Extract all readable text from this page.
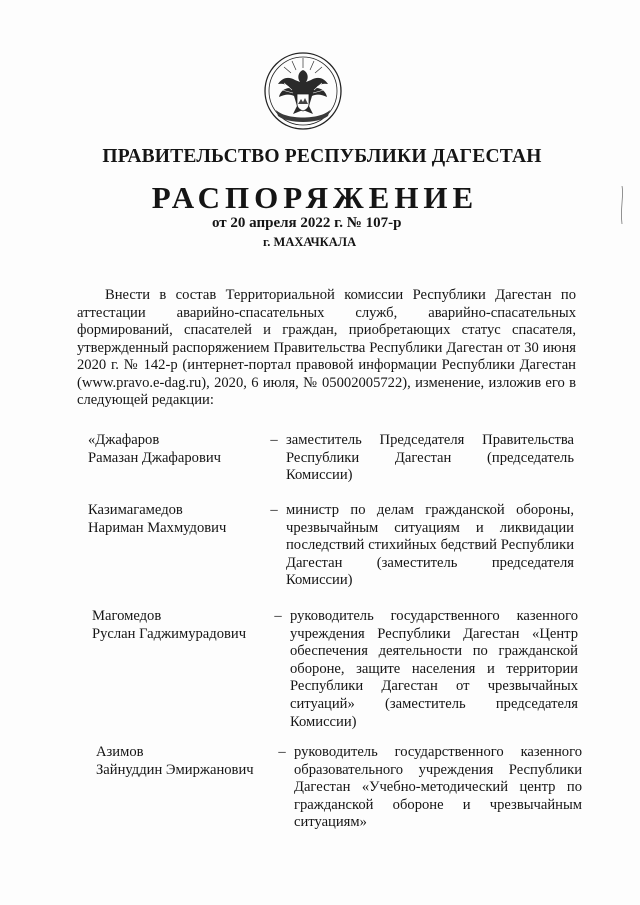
ПРАВИТЕЛЬСТВО РЕСПУБЛИКИ ДАГЕСТАН
РАСПОРЯЖЕНИЕ
от 20 апреля 2022 г. № 107-р
г. МАХАЧКАЛА
Внести в состав Территориальной комиссии Республики Дагестан по аттестации аварийно-спасательных служб, аварийно-спасательных формирований, спасателей и граждан, приобретающих статус спасателя, утвержденный распоряжением Правительства Республики Дагестан от 30 июня 2020 г. № 142-р (интернет-портал правовой информации Республики Дагестан (www.pravo.e-dag.ru), 2020, 6 июля, № 05002005722), изменение, изложив его в следующей редакции:
«Джафаров
Рамазан Джафарович
– заместитель Председателя Правительства Республики Дагестан (председатель Комиссии)
Казимагамедов
Нариман Махмудович
– министр по делам гражданской обороны, чрезвычайным ситуациям и ликвидации последствий стихийных бедствий Республики Дагестан (заместитель председателя Комиссии)
Магомедов
Руслан Гаджимурадович
– руководитель государственного казенного учреждения Республики Дагестан «Центр обеспечения деятельности по гражданской обороне, защите населения и территории Республики Дагестан от чрезвычайных ситуаций» (заместитель председателя Комиссии)
Азимов
Зайнуддин Эмиржанович
– руководитель государственного казенного образовательного учреждения Республики Дагестан «Учебно-методический центр по гражданской обороне и чрезвычайным ситуациям»
